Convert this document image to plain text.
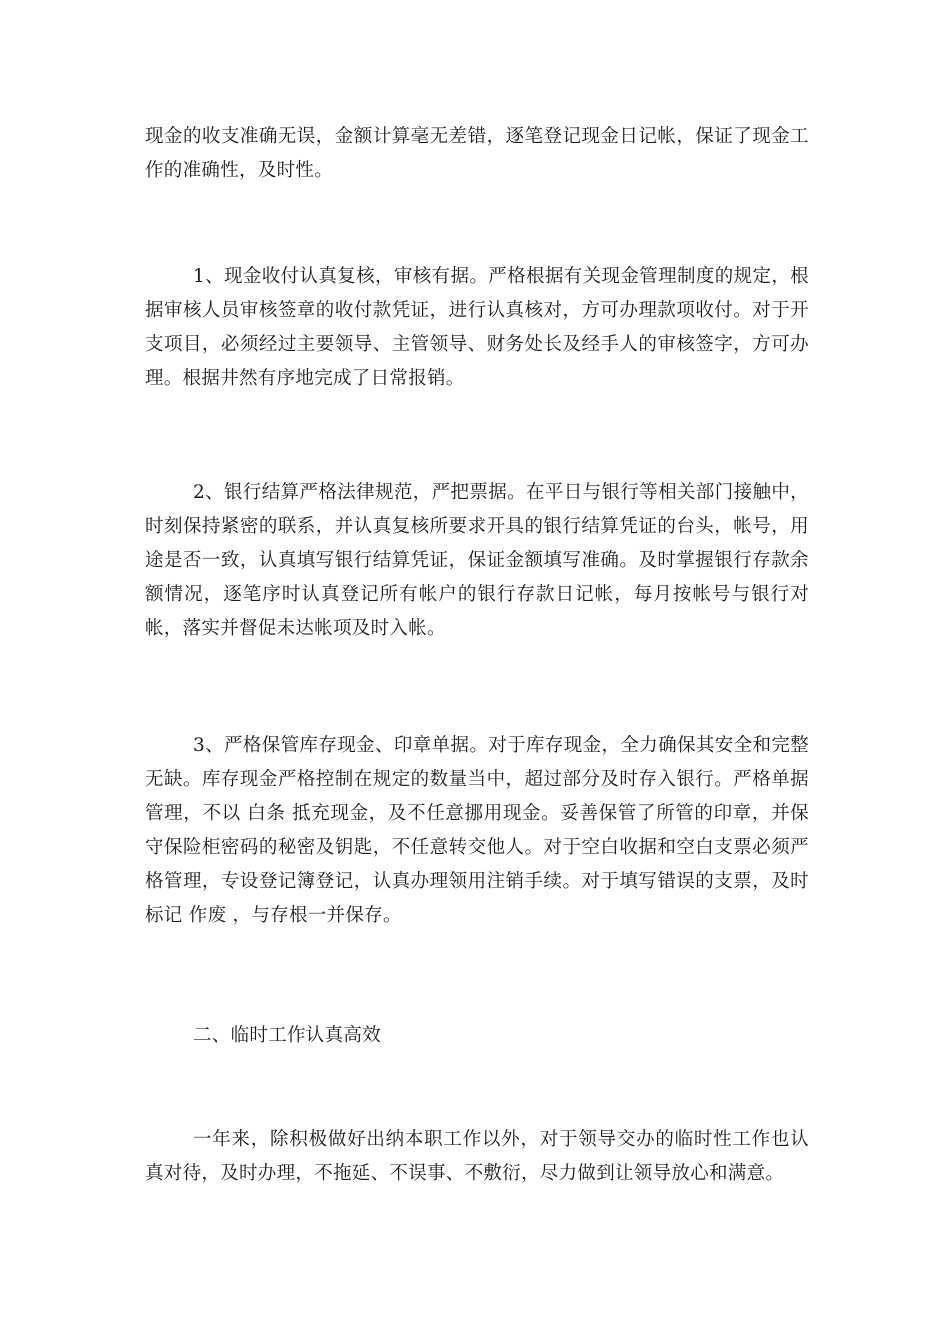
现金的收支准确无误，金额计算毫无差错，逐笔登记现金日记帐，保证了现金工作的准确性，及时性。

1、现金收付认真复核，审核有据。严格根据有关现金管理制度的规定，根据审核人员审核签章的收付款凭证，进行认真核对，方可办理款项收付。对于开支项目，必须经过主要领导、主管领导、财务处长及经手人的审核签字，方可办理。根据井然有序地完成了日常报销。

2、银行结算严格法律规范，严把票据。在平日与银行等相关部门接触中，时刻保持紧密的联系，并认真复核所要求开具的银行结算凭证的台头，帐号，用途是否一致，认真填写银行结算凭证，保证金额填写准确。及时掌握银行存款余额情况，逐笔序时认真登记所有帐户的银行存款日记帐，每月按帐号与银行对帐，落实并督促未达帐项及时入帐。

3、严格保管库存现金、印章单据。对于库存现金，全力确保其安全和完整无缺。库存现金严格控制在规定的数量当中，超过部分及时存入银行。严格单据管理，不以 白条 抵充现金，及不任意挪用现金。妥善保管了所管的印章，并保守保险柜密码的秘密及钥匙，不任意转交他人。对于空白收据和空白支票必须严格管理，专设登记簿登记，认真办理领用注销手续。对于填写错误的支票，及时标记 作废 ，与存根一并保存。

二、临时工作认真高效

一年来，除积极做好出纳本职工作以外，对于领导交办的临时性工作也认真对待，及时办理，不拖延、不误事、不敷衍，尽力做到让领导放心和满意。
